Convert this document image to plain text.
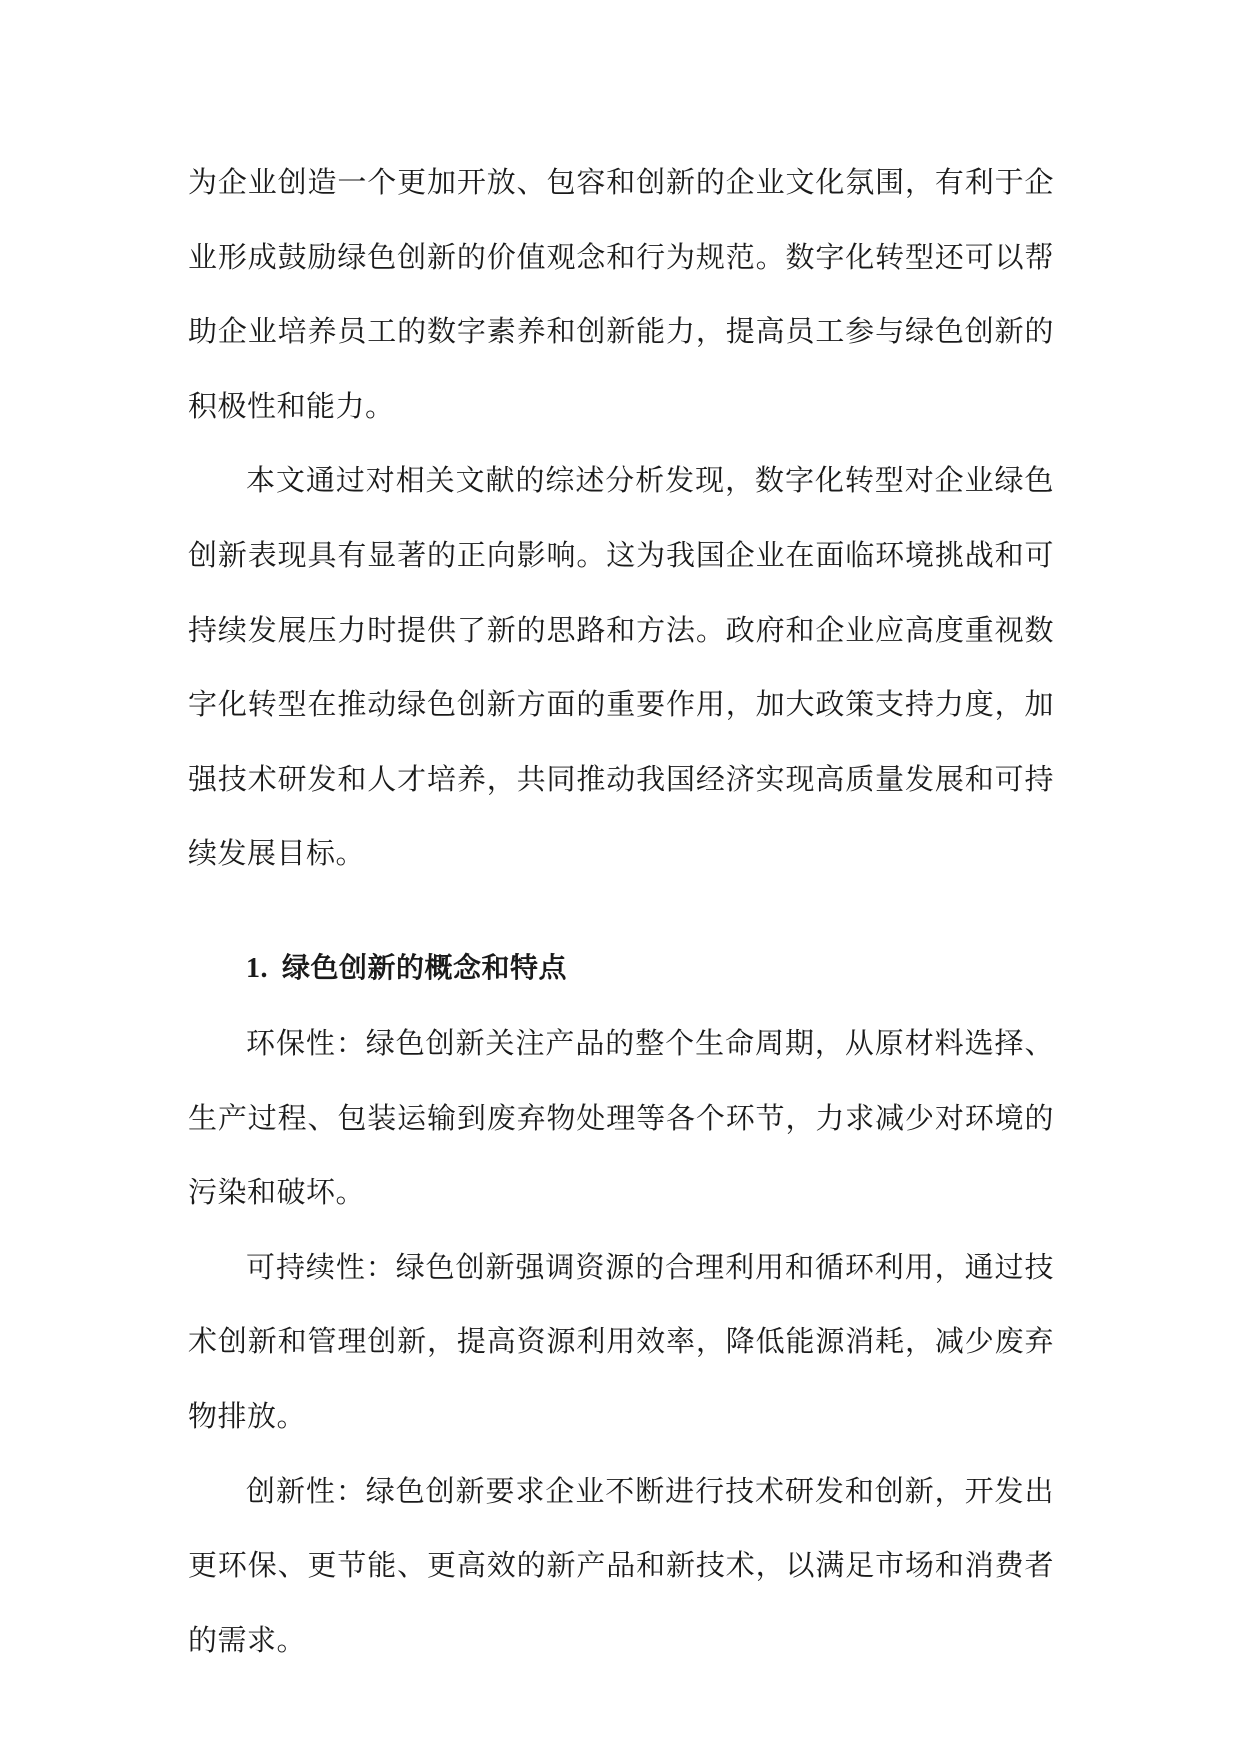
为企业创造一个更加开放、包容和创新的企业文化氛围，有利于企业形成鼓励绿色创新的价值观念和行为规范。数字化转型还可以帮助企业培养员工的数字素养和创新能力，提高员工参与绿色创新的积极性和能力。

本文通过对相关文献的综述分析发现，数字化转型对企业绿色创新表现具有显著的正向影响。这为我国企业在面临环境挑战和可持续发展压力时提供了新的思路和方法。政府和企业应高度重视数字化转型在推动绿色创新方面的重要作用，加大政策支持力度，加强技术研发和人才培养，共同推动我国经济实现高质量发展和可持续发展目标。

1. 绿色创新的概念和特点

环保性：绿色创新关注产品的整个生命周期，从原材料选择、生产过程、包装运输到废弃物处理等各个环节，力求减少对环境的污染和破坏。

可持续性：绿色创新强调资源的合理利用和循环利用，通过技术创新和管理创新，提高资源利用效率，降低能源消耗，减少废弃物排放。

创新性：绿色创新要求企业不断进行技术研发和创新，开发出更环保、更节能、更高效的新产品和新技术，以满足市场和消费者的需求。
